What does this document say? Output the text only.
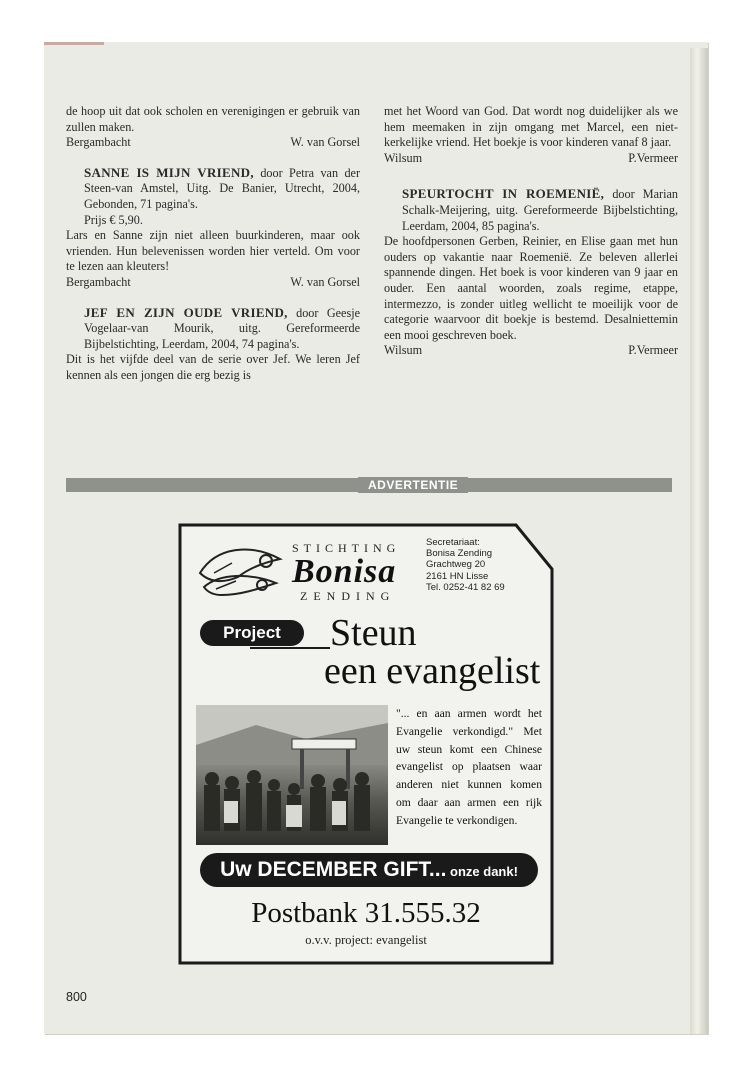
de hoop uit dat ook scholen en verenigingen er gebruik van zullen maken.

Bergambacht	W. van Gorsel
SANNE IS MIJN VRIEND, door Petra van der Steen-van Amstel, Uitg. De Banier, Utrecht, 2004, Gebonden, 71 pagina's.
Prijs € 5,90.

Lars en Sanne zijn niet alleen buurkinderen, maar ook vrienden. Hun belevenissen worden hier verteld. Om voor te lezen aan kleuters!

Bergambacht	W. van Gorsel
JEF EN ZIJN OUDE VRIEND, door Geesje Vogelaar-van Mourik, uitg. Gereformeerde Bijbelstichting, Leerdam, 2004, 74 pagina's.

Dit is het vijfde deel van de serie over Jef. We leren Jef kennen als een jongen die erg bezig is

met het Woord van God. Dat wordt nog duidelijker als we hem meemaken in zijn omgang met Marcel, een niet-kerkelijke vriend. Het boekje is voor kinderen vanaf 8 jaar.

Wilsum	P.Vermeer
SPEURTOCHT IN ROEMENIË, door Marian Schalk-Meijering, uitg. Gereformeerde Bijbelstichting, Leerdam, 2004, 85 pagina's.

De hoofdpersonen Gerben, Reinier, en Elise gaan met hun ouders op vakantie naar Roemenië. Ze beleven allerlei spannende dingen. Het boek is voor kinderen van 9 jaar en ouder. Een aantal woorden, zoals regime, etappe, intermezzo, is zonder uitleg wellicht te moeilijk voor de categorie waarvoor dit boekje is bestemd. Desalniettemin een mooi geschreven boek.

Wilsum	P.Vermeer
ADVERTENTIE
STICHTING
Bonisa
ZENDING
Secretariaat:
Bonisa Zending
Grachtweg 20
2161 HN Lisse
Tel. 0252-41 82 69
Project	Steun
een evangelist
"... en aan armen wordt het Evangelie verkondigd." Met uw steun komt een Chinese evangelist op plaatsen waar anderen niet kunnen komen om daar aan armen een rijk Evangelie te verkondigen.
Uw DECEMBER GIFT... onze dank!
Postbank 31.555.32
o.v.v. project: evangelist
800
